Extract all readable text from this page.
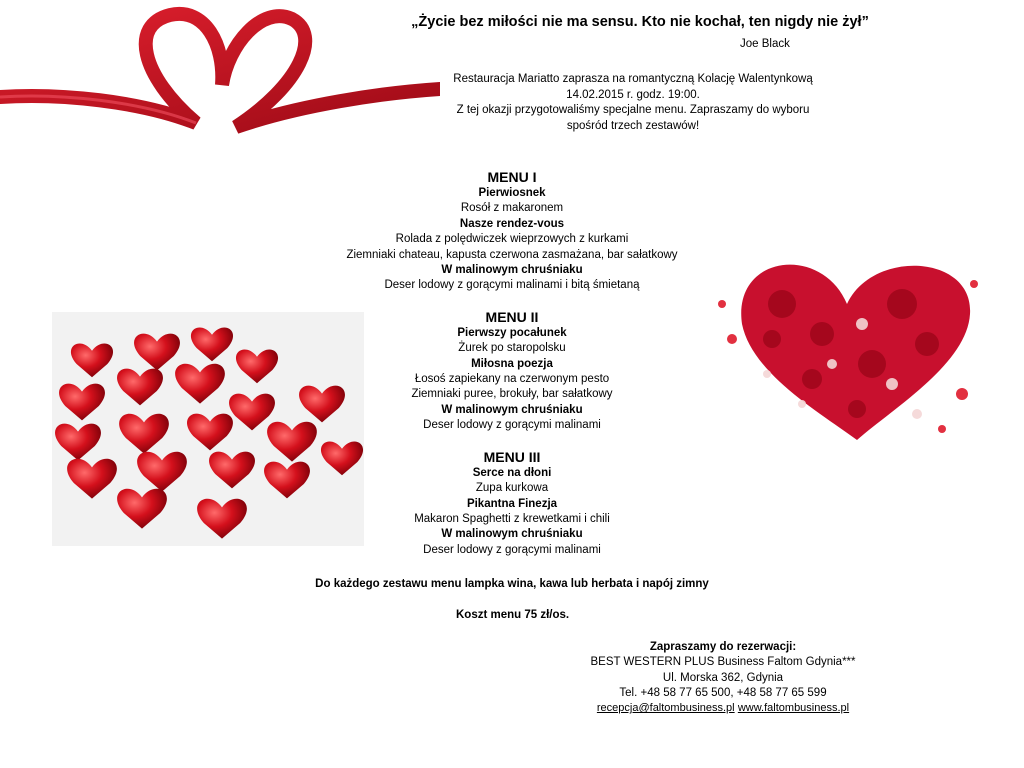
„Życie bez miłości nie ma sensu. Kto nie kochał, ten nigdy nie żył”
Joe Black
Restauracja Mariatto zaprasza na romantyczną Kolację Walentynkową
14.02.2015 r. godz. 19:00.
Z tej okazji przygotowaliśmy specjalne menu. Zapraszamy do wyboru
spośród trzech zestawów!
MENU I
Pierwiosnek
Rosół z makaronem
Nasze rendez-vous
Rolada z polędwiczek wieprzowych z kurkami
Ziemniaki chateau, kapusta czerwona zasmażana, bar sałatkowy
W malinowym chruśniaku
Deser lodowy z gorącymi malinami i bitą śmietaną
MENU II
Pierwszy pocałunek
Żurek po staropolsku
Miłosna poezja
Łosoś zapiekany na czerwonym pesto
Ziemniaki puree, brokuły, bar sałatkowy
W malinowym chruśniaku
Deser lodowy z gorącymi malinami
MENU III
Serce na dłoni
Zupa kurkowa
Pikantna Finezja
Makaron Spaghetti z krewetkami i chili
W malinowym chruśniaku
Deser lodowy z gorącymi malinami
Do każdego zestawu menu lampka wina, kawa lub herbata i napój zimny
Koszt menu 75 zł/os.
Zapraszamy do rezerwacji:
BEST WESTERN PLUS Business Faltom Gdynia***
Ul. Morska 362, Gdynia
Tel. +48 58 77 65 500, +48 58 77 65 599
recepcja@faltombusiness.pl www.faltombusiness.pl
